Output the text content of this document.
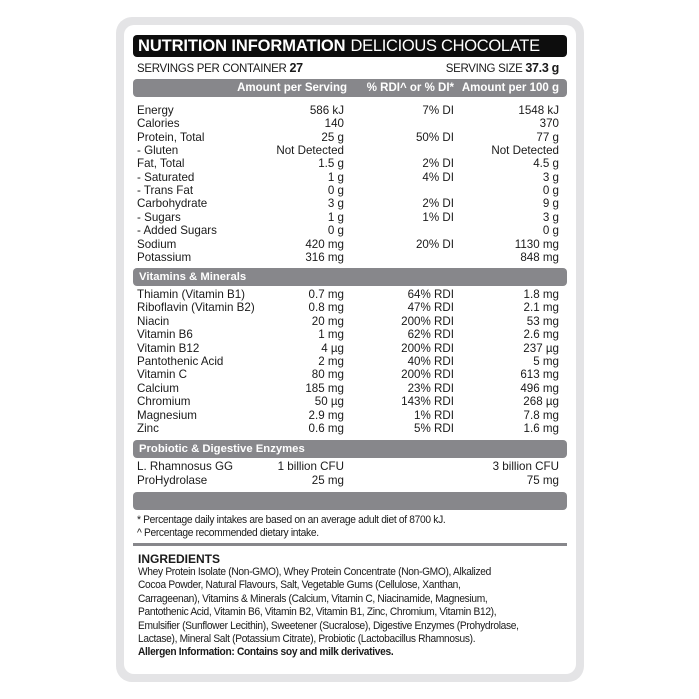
NUTRITION INFORMATION DELICIOUS CHOCOLATE
SERVINGS PER CONTAINER 27	SERVING SIZE 37.3 g
Amount per Serving % RDI^ or % DI* Amount per 100 g
Energy	586 kJ	7% DI	1548 kJ
Calories	140	370
Protein, Total	25 g	50% DI	77 g
- Gluten	Not Detected	Not Detected
Fat, Total	1.5 g	2% DI	4.5 g
- Saturated	1 g	4% DI	3 g
- Trans Fat	0 g	0 g
Carbohydrate	3 g	2% DI	9 g
- Sugars	1 g	1% DI	3 g
- Added Sugars	0 g	0 g
Sodium	420 mg	20% DI	1130 mg
Potassium	316 mg	848 mg
Vitamins & Minerals
Thiamin (Vitamin B1)	0.7 mg	64% RDI	1.8 mg
Riboflavin (Vitamin B2)	0.8 mg	47% RDI	2.1 mg
Niacin	20 mg	200% RDI	53 mg
Vitamin B6	1 mg	62% RDI	2.6 mg
Vitamin B12	4 µg	200% RDI	237 µg
Pantothenic Acid	2 mg	40% RDI	5 mg
Vitamin C	80 mg	200% RDI	613 mg
Calcium	185 mg	23% RDI	496 mg
Chromium	50 µg	143% RDI	268 µg
Magnesium	2.9 mg	1% RDI	7.8 mg
Zinc	0.6 mg	5% RDI	1.6 mg
Probiotic & Digestive Enzymes
L. Rhamnosus GG	1 billion CFU	3 billion CFU
ProHydrolase	25 mg	75 mg
* Percentage daily intakes are based on an average adult diet of 8700 kJ.
^ Percentage recommended dietary intake.
INGREDIENTS
Whey Protein Isolate (Non-GMO), Whey Protein Concentrate (Non-GMO), Alkalized
Cocoa Powder, Natural Flavours, Salt, Vegetable Gums (Cellulose, Xanthan,
Carrageenan), Vitamins & Minerals (Calcium, Vitamin C, Niacinamide, Magnesium,
Pantothenic Acid, Vitamin B6, Vitamin B2, Vitamin B1, Zinc, Chromium, Vitamin B12),
Emulsifier (Sunflower Lecithin), Sweetener (Sucralose), Digestive Enzymes (Prohydrolase,
Lactase), Mineral Salt (Potassium Citrate), Probiotic (Lactobacillus Rhamnosus).
Allergen Information: Contains soy and milk derivatives.
